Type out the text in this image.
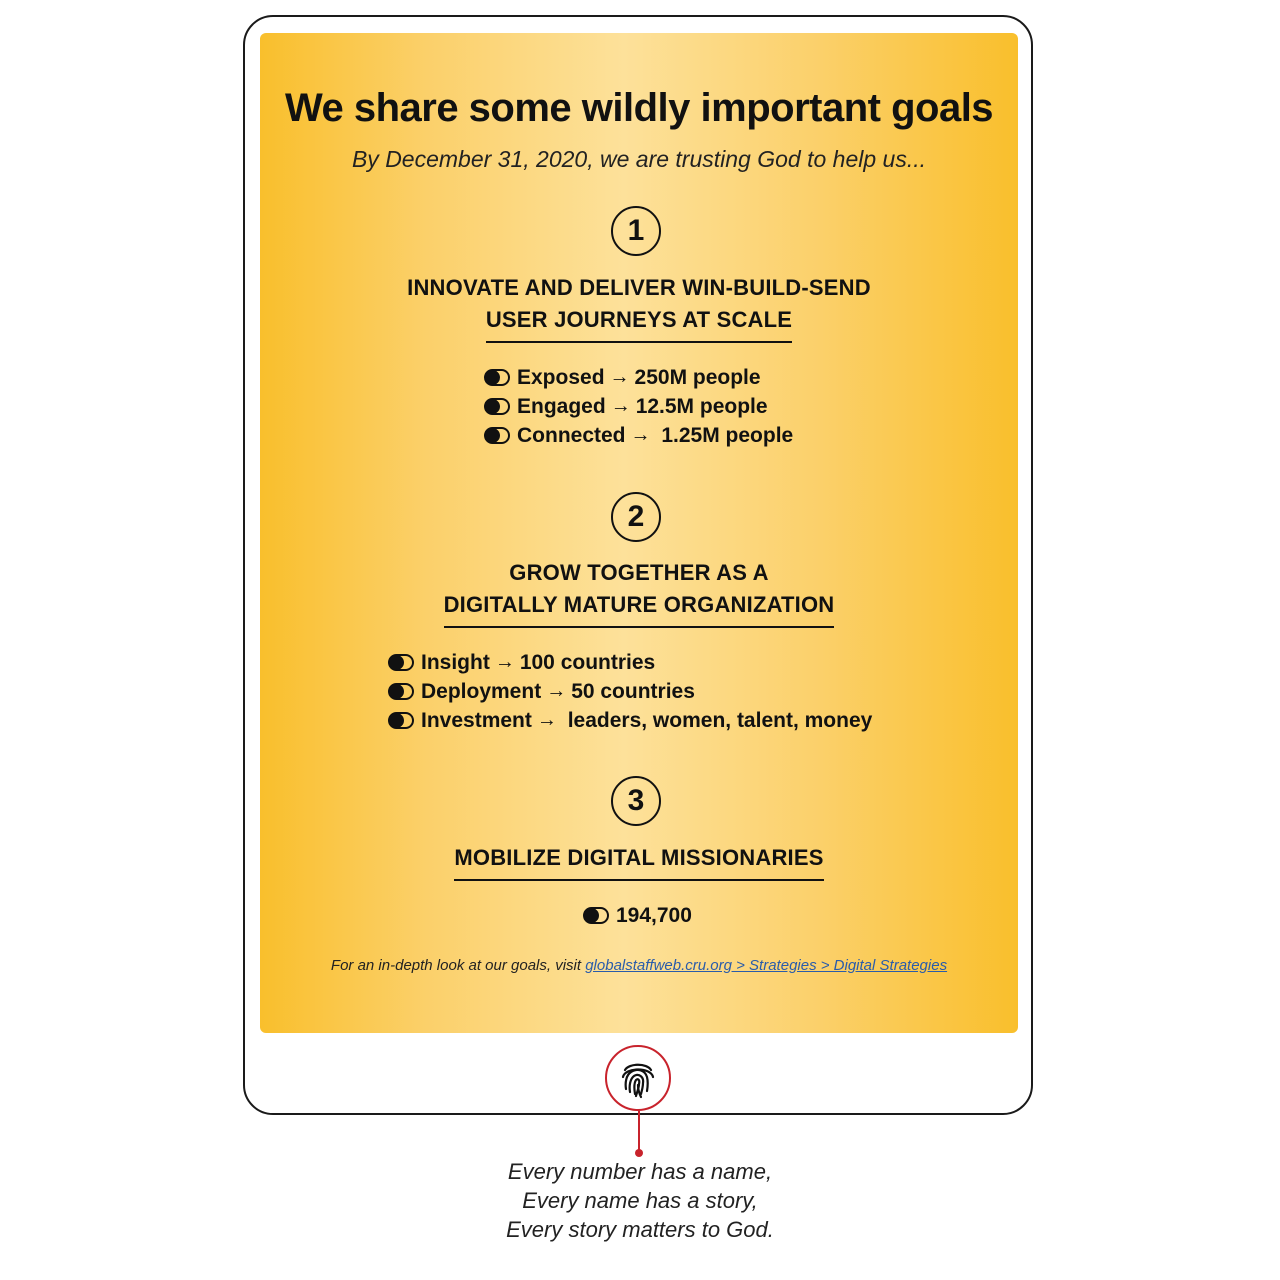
We share some wildly important goals

By December 31, 2020, we are trusting God to help us...

1
INNOVATE AND DELIVER WIN-BUILD-SEND
USER JOURNEYS AT SCALE
Exposed → 250M people
Engaged → 12.5M people
Connected → 1.25M people
2
GROW TOGETHER AS A
DIGITALLY MATURE ORGANIZATION
Insight → 100 countries
Deployment → 50 countries
Investment → leaders, women, talent, money
3
MOBILIZE DIGITAL MISSIONARIES
194,700

For an in-depth look at our goals, visit globalstaffweb.cru.org > Strategies > Digital Strategies

Every number has a name,
Every name has a story,
Every story matters to God.
